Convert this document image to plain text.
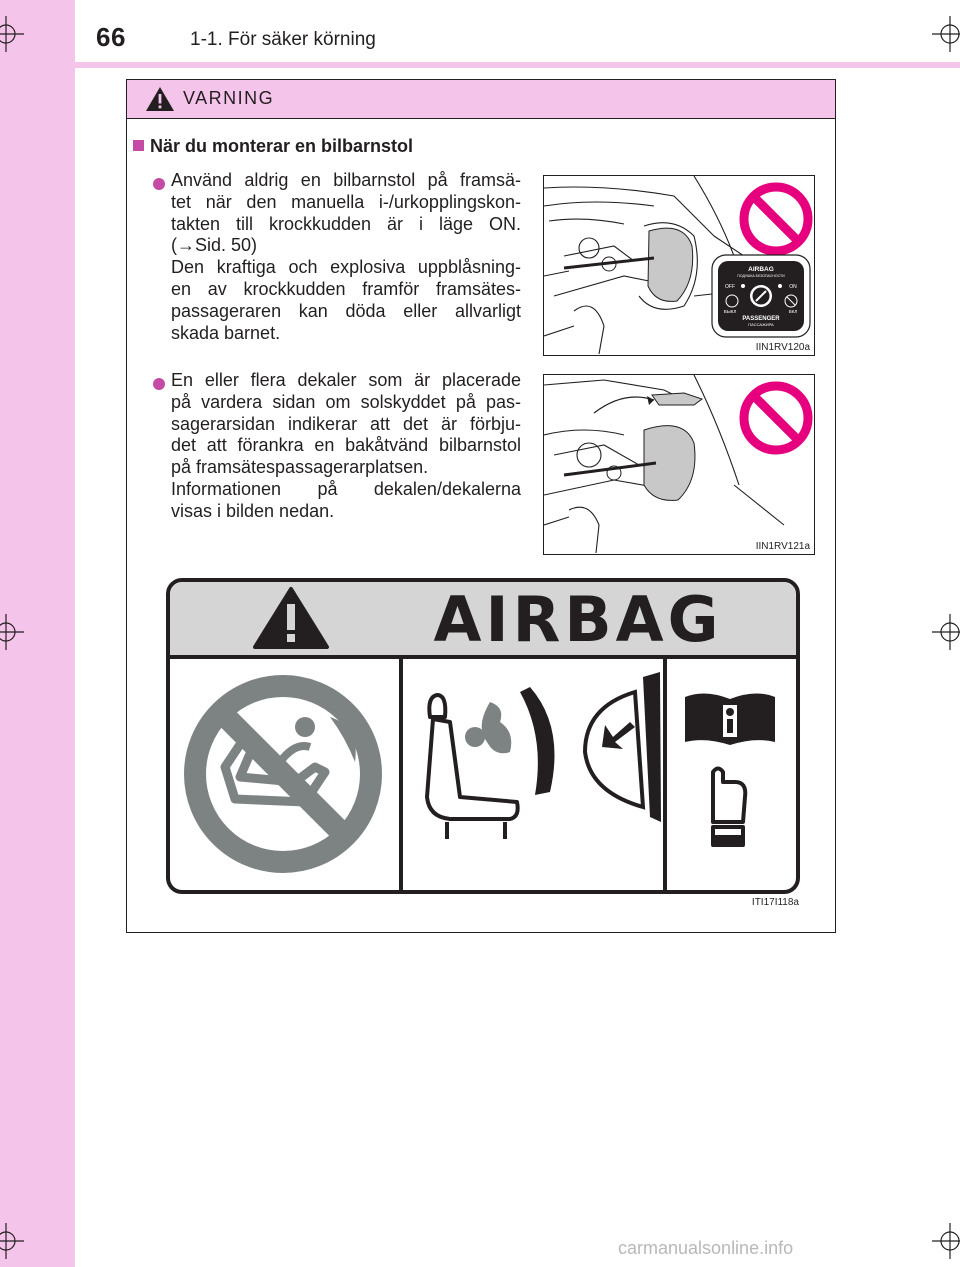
66	1-1. För säker körning
VARNING
När du monterar en bilbarnstol
Använd aldrig en bilbarnstol på framsä-
tet när den manuella i-/urkopplingskon-
takten till krockkudden är i läge ON.
(→Sid. 50)
Den kraftiga och explosiva uppblåsning-
en av krockkudden framför framsätes-
passageraren kan döda eller allvarligt
skada barnet.
En eller flera dekaler som är placerade
på vardera sidan om solskyddet på pas-
sagerarsidan indikerar att det är förbju-
det att förankra en bakåtvänd bilbarnstol
på framsätespassagerarplatsen.
Informationen på dekalen/dekalerna
visas i bilden nedan.
AIRBAG
ПОДУШКА БЕЗОПАСНОСТИ
OFF	ON
ВЫКЛ	ВКЛ
PASSENGER
ПАССАЖИРА
IIN1RV120a
IIN1RV121a
AIRBAG
ITI17I118a
carmanualsonline.info
